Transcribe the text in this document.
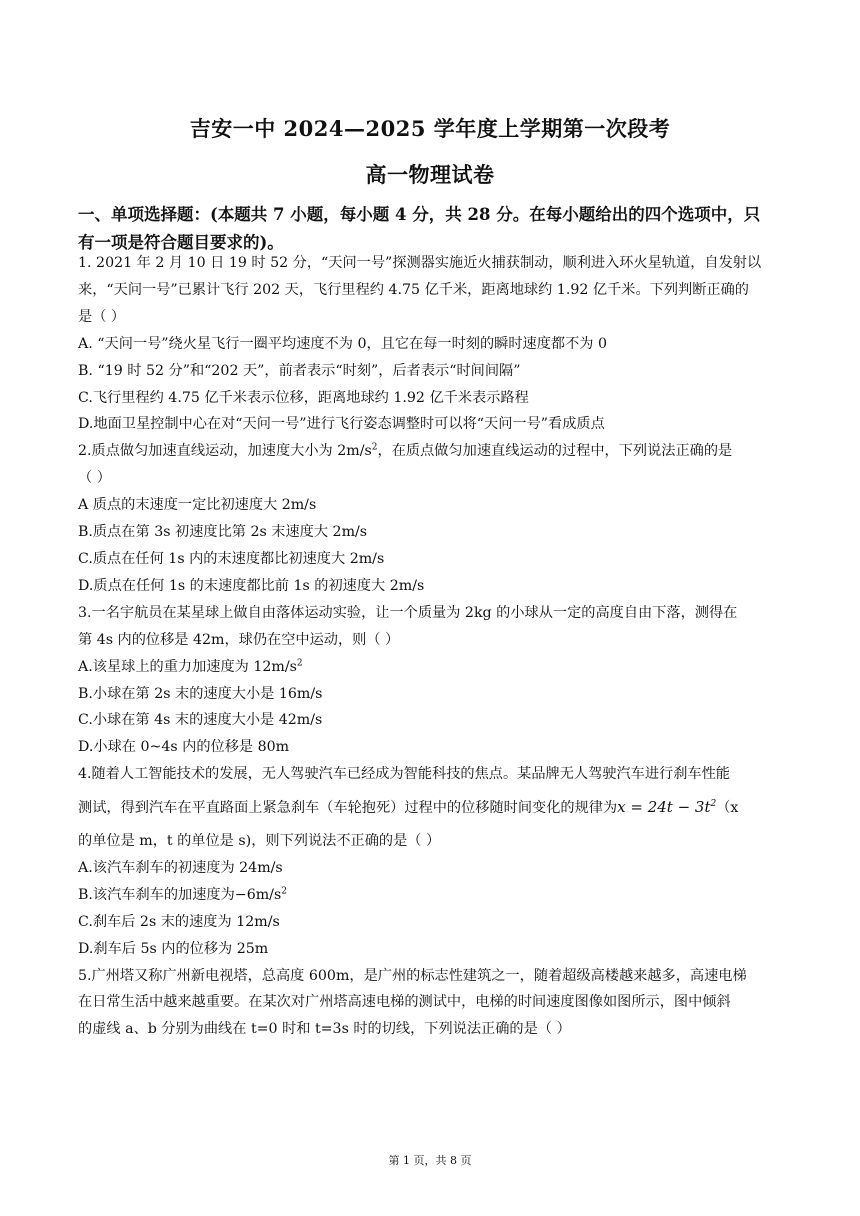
吉安一中 2024—2025 学年度上学期第一次段考
高一物理试卷
一、单项选择题：(本题共 7 小题，每小题 4 分，共 28 分。在每小题给出的四个选项中，只
有一项是符合题目要求的)。

1. 2021 年 2 月 10 日 19 时 52 分，“天问一号”探测器实施近火捕获制动，顺利进入环火星轨道，自发射以

来，“天问一号”已累计飞行 202 天，飞行里程约 4.75 亿千米，距离地球约 1.92 亿千米。下列判断正确的

是（ ）

A. “天问一号”绕火星飞行一圈平均速度不为 0，且它在每一时刻的瞬时速度都不为 0

B. “19 时 52 分”和“202 天”，前者表示“时刻”，后者表示“时间间隔”

C.飞行里程约 4.75 亿千米表示位移，距离地球约 1.92 亿千米表示路程

D.地面卫星控制中心在对“天问一号”进行飞行姿态调整时可以将“天问一号”看成质点

2.质点做匀加速直线运动，加速度大小为 $2m/s^2$，在质点做匀加速直线运动的过程中，下列说法正确的是

（ ）

A 质点的末速度一定比初速度大 2m/s

B.质点在第 3s 初速度比第 2s 末速度大 2m/s

C.质点在任何 1s 内的末速度都比初速度大 2m/s

D.质点在任何 1s 的末速度都比前 1s 的初速度大 2m/s

3.一名宇航员在某星球上做自由落体运动实验，让一个质量为 2kg 的小球从一定的高度自由下落，测得在

第 4s 内的位移是 42m，球仍在空中运动，则（ ）

A.该星球上的重力加速度为 $12m/s^2$

B.小球在第 2s 末的速度大小是 16m/s

C.小球在第 4s 末的速度大小是 42m/s

D.小球在 0~4s 内的位移是 80m

4.随着人工智能技术的发展，无人驾驶汽车已经成为智能科技的焦点。某品牌无人驾驶汽车进行刹车性能

测试，得到汽车在平直路面上紧急刹车（车轮抱死）过程中的位移随时间变化的规律为$x = 24t - 3t^2(x$

的单位是 m，t 的单位是 s)，则下列说法不正确的是（ ）

A.该汽车刹车的初速度为 24m/s

B.该汽车刹车的加速度为$-6m/s^2$

C.刹车后 2s 末的速度为 12m/s

D.刹车后 5s 内的位移为 25m

5.广州塔又称广州新电视塔，总高度 600m，是广州的标志性建筑之一，随着超级高楼越来越多，高速电梯

在日常生活中越来越重要。在某次对广州塔高速电梯的测试中，电梯的时间速度图像如图所示，图中倾斜

的虚线 a、b 分别为曲线在 t=0 时和 t=3s 时的切线，下列说法正确的是（ ）

第 1 页，共 8 页
